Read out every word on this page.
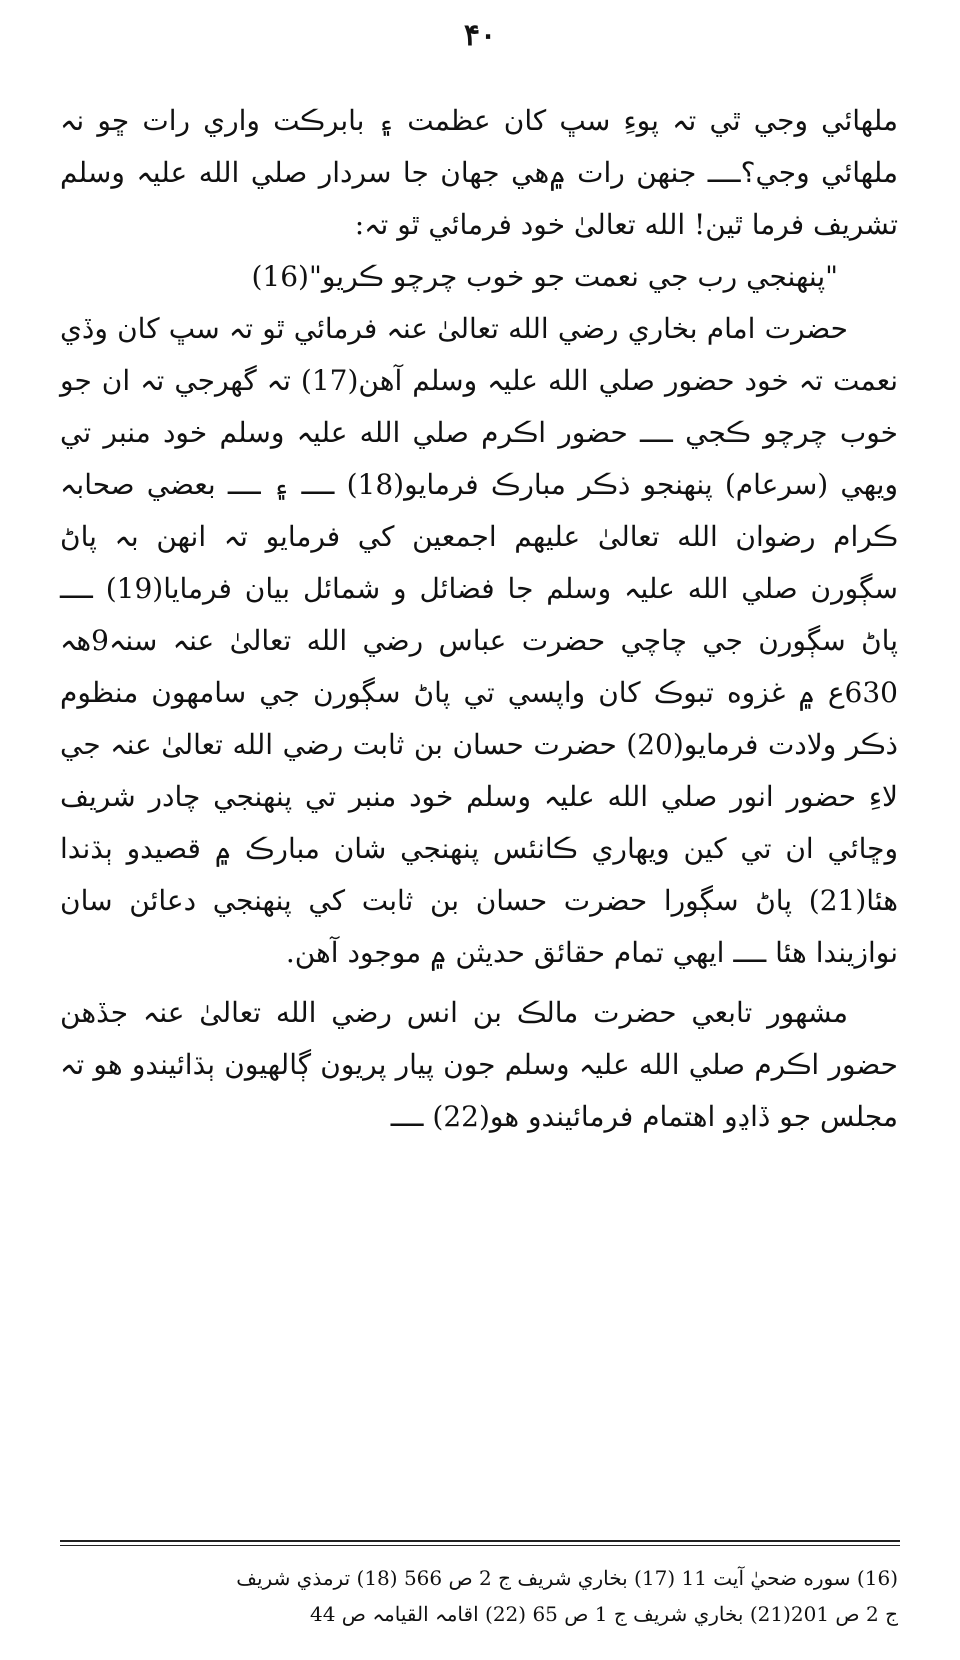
۴۰

ملهائي وجي ٿي تہ پوءِ سڀ کان عظمت ۽ بابرڪت واري رات ڇو نہ ملهائي وجي؟ــــ جنهن رات ۾هي جهان جا سردار صلي الله عليہ وسلم تشريف فرما ٿين! الله تعالىٰ خود فرمائي ٿو تہ:

"پنهنجي رب جي نعمت جو خوب چرچو ڪريو"(16)

حضرت امام بخاري رضي الله تعالىٰ عنہ فرمائي ٿو تہ سڀ کان وڏي نعمت تہ خود حضور صلي الله عليہ وسلم آهن(17) تہ گهرجي تہ ان جو خوب چرچو ڪجي ــــ حضور اڪرم صلي الله عليہ وسلم خود منبر تي ويهي (سرعام) پنهنجو ذڪر مبارڪ فرمايو(18) ــــ ۽ ــــ بعضي صحابہ ڪرام رضوان الله تعالىٰ عليهم اجمعين کي فرمايو تہ انهن بہ پاڻ سڳورن صلي الله عليہ وسلم جا فضائل و شمائل بيان فرمايا(19) ــــ پاڻ سڳورن جي چاچي حضرت عباس رضي الله تعالىٰ عنہ سنہ9هہ 630ع ۾ غزوه تبوڪ کان واپسي تي پاڻ سڳورن جي سامهون منظوم ذڪر ولادت فرمايو(20) حضرت حسان بن ثابت رضي الله تعالىٰ عنہ جي لاءِ حضور انور صلي الله عليہ وسلم خود منبر تي پنهنجي چادر شريف وڇائي ان تي کين ويهاري ڪانئس پنهنجي شان مبارڪ ۾ قصيدو ٻڌندا هئا(21) پاڻ سڳورا حضرت حسان بن ثابت کي پنهنجي دعائن سان نوازيندا هئا ــــ ايهي تمام حقائق حديثن ۾ موجود آهن.

مشهور تابعي حضرت مالڪ بن انس رضي الله تعالىٰ عنہ جڏهن حضور اڪرم صلي الله عليہ وسلم جون پيار پريون ڳالهيون ٻڌائيندو هو تہ مجلس جو ڏاڍو اهتمام فرمائيندو هو(22) ــــ

(16) سوره ضحيٰ آيت 11 (17) بخاري شريف ج 2 ص 566 (18) ترمذي شريف

ج 2 ص 201(21) بخاري شريف ج 1 ص 65 (22) اقامہ القيامہ ص 44
